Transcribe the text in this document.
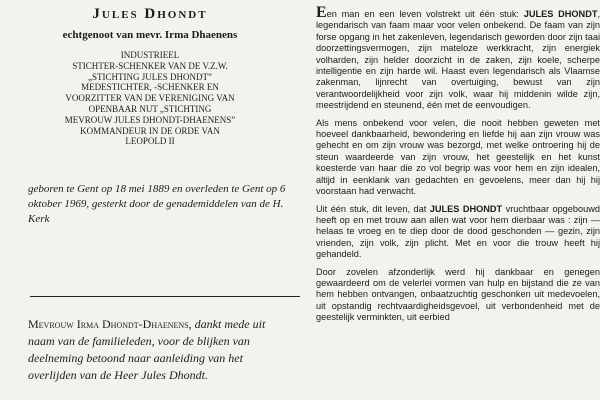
Jules Dhondt
echtgenoot van mevr. Irma Dhaenens
INDUSTRIEEL
STICHTER-SCHENKER VAN DE V.Z.W.
„STICHTING JULES DHONDT”
MEDESTICHTER, -SCHENKER EN
VOORZITTER VAN DE VERENIGING VAN
OPENBAAR NUT „STICHTING
MEVROUW JULES DHONDT-DHAENENS”
KOMMANDEUR IN DE ORDE VAN
LEOPOLD II
geboren te Gent op 18 mei 1889 en overleden te Gent op 6 oktober 1969, gesterkt door de genademiddelen van de H. Kerk
Mevrouw Irma Dhondt-Dhaenens, dankt mede uit naam van de familieleden, voor de blijken van deelneming betoond naar aanleiding van het overlijden van de Heer Jules Dhondt.

Een man en een leven volstrekt uit één stuk: JULES DHONDT, legendarisch van faam maar voor velen onbekend. De faam van zijn forse opgang in het zakenleven, legendarisch geworden door zijn taai doorzettingsvermogen, zijn mateloze werkkracht, zijn energiek volharden, zijn helder doorzicht in de zaken, zijn koele, scherpe intelligentie en zijn harde wil. Haast even legendarisch als Vlaamse zakenman, lijnrecht van overtuiging, bewust van zijn verantwoordelijkheid voor zijn volk, waar hij middenin wilde zijn, meestrijdend en steunend, één met de eenvoudigen.

Als mens onbekend voor velen, die nooit hebben geweten met hoeveel dankbaarheid, bewondering en liefde hij aan zijn vrouw was gehecht en om zijn vrouw was bezorgd, met welke ontroering hij de steun waardeerde van zijn vrouw, het geestelijk en het kunst koesterde van haar die zo vol begrip was voor hem en zijn idealen, altijd in eenklank van gedachten en gevoelens, meer dan hij hij voorstaan had verwacht.

Uit één stuk, dit leven, dat JULES DHONDT vruchtbaar opgebouwd heeft op en met trouw aan allen wat voor hem dierbaar was : zijn — helaas te vroeg en te diep door de dood geschonden — gezin, zijn vrienden, zijn volk, zijn plicht. Met en voor die trouw heeft hij gehandeld.

Door zovelen afzonderlijk werd hij dankbaar en genegen gewaardeerd om de velerlei vormen van hulp en bijstand die ze van hem hebben ontvangen, onbaatzuchtig geschonken uit medevoelen, uit opstandig rechtvaardigheidsgevoel, uit verbondenheid met de geestelijk verminkten, uit eerbied
